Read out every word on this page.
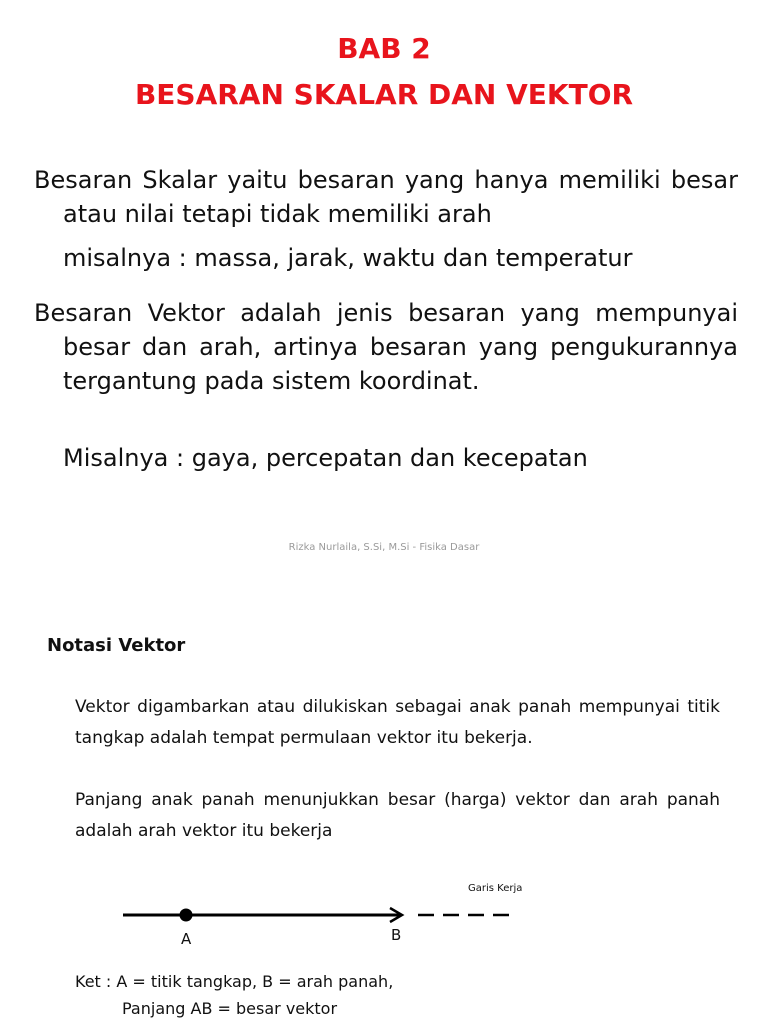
BAB 2
BESARAN SKALAR DAN VEKTOR
Besaran Skalar yaitu besaran yang hanya memiliki besar atau nilai tetapi tidak memiliki arah
misalnya : massa, jarak, waktu dan temperatur
Besaran Vektor adalah jenis besaran yang mempunyai besar dan arah, artinya besaran yang pengukurannya tergantung pada sistem koordinat.
Misalnya : gaya, percepatan dan kecepatan
Rizka Nurlaila, S.Si, M.Si - Fisika Dasar
Notasi Vektor
Vektor digambarkan atau dilukiskan sebagai anak panah mempunyai titik tangkap adalah tempat permulaan vektor itu bekerja.
Panjang anak panah menunjukkan besar (harga) vektor dan arah panah adalah arah vektor itu bekerja
Garis Kerja
A	B
Ket : A = titik tangkap, B = arah panah,
Panjang AB = besar vektor
